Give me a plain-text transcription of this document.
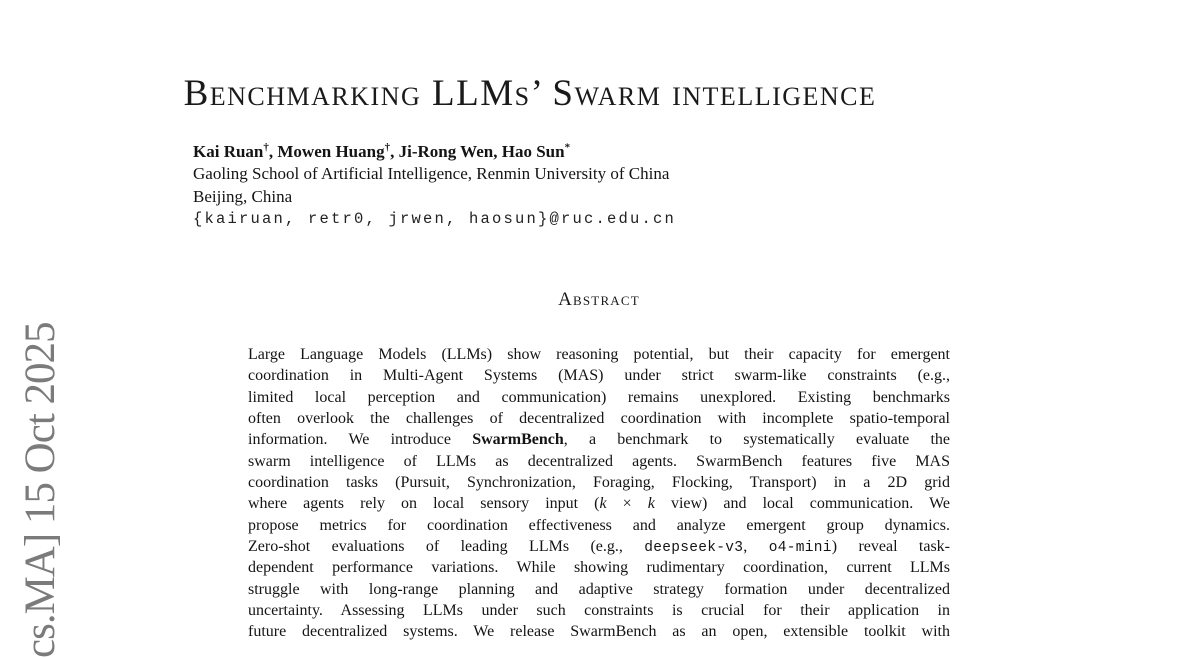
cs.MA] 15 Oct 2025
Benchmarking LLMs’ Swarm intelligence
Kai Ruan†, Mowen Huang†, Ji-Rong Wen, Hao Sun*
Gaoling School of Artificial Intelligence, Renmin University of China
Beijing, China
{kairuan, retr0, jrwen, haosun}@ruc.edu.cn
Abstract
Large Language Models (LLMs) show reasoning potential, but their capacity for emergent
coordination in Multi-Agent Systems (MAS) under strict swarm-like constraints (e.g.,
limited local perception and communication) remains unexplored. Existing benchmarks
often overlook the challenges of decentralized coordination with incomplete spatio-temporal
information. We introduce SwarmBench, a benchmark to systematically evaluate the
swarm intelligence of LLMs as decentralized agents. SwarmBench features five MAS
coordination tasks (Pursuit, Synchronization, Foraging, Flocking, Transport) in a 2D grid
where agents rely on local sensory input (k × k view) and local communication. We
propose metrics for coordination effectiveness and analyze emergent group dynamics.
Zero-shot evaluations of leading LLMs (e.g., deepseek-v3, o4-mini) reveal task-
dependent performance variations. While showing rudimentary coordination, current LLMs
struggle with long-range planning and adaptive strategy formation under decentralized
uncertainty. Assessing LLMs under such constraints is crucial for their application in
future decentralized systems. We release SwarmBench as an open, extensible toolkit with
